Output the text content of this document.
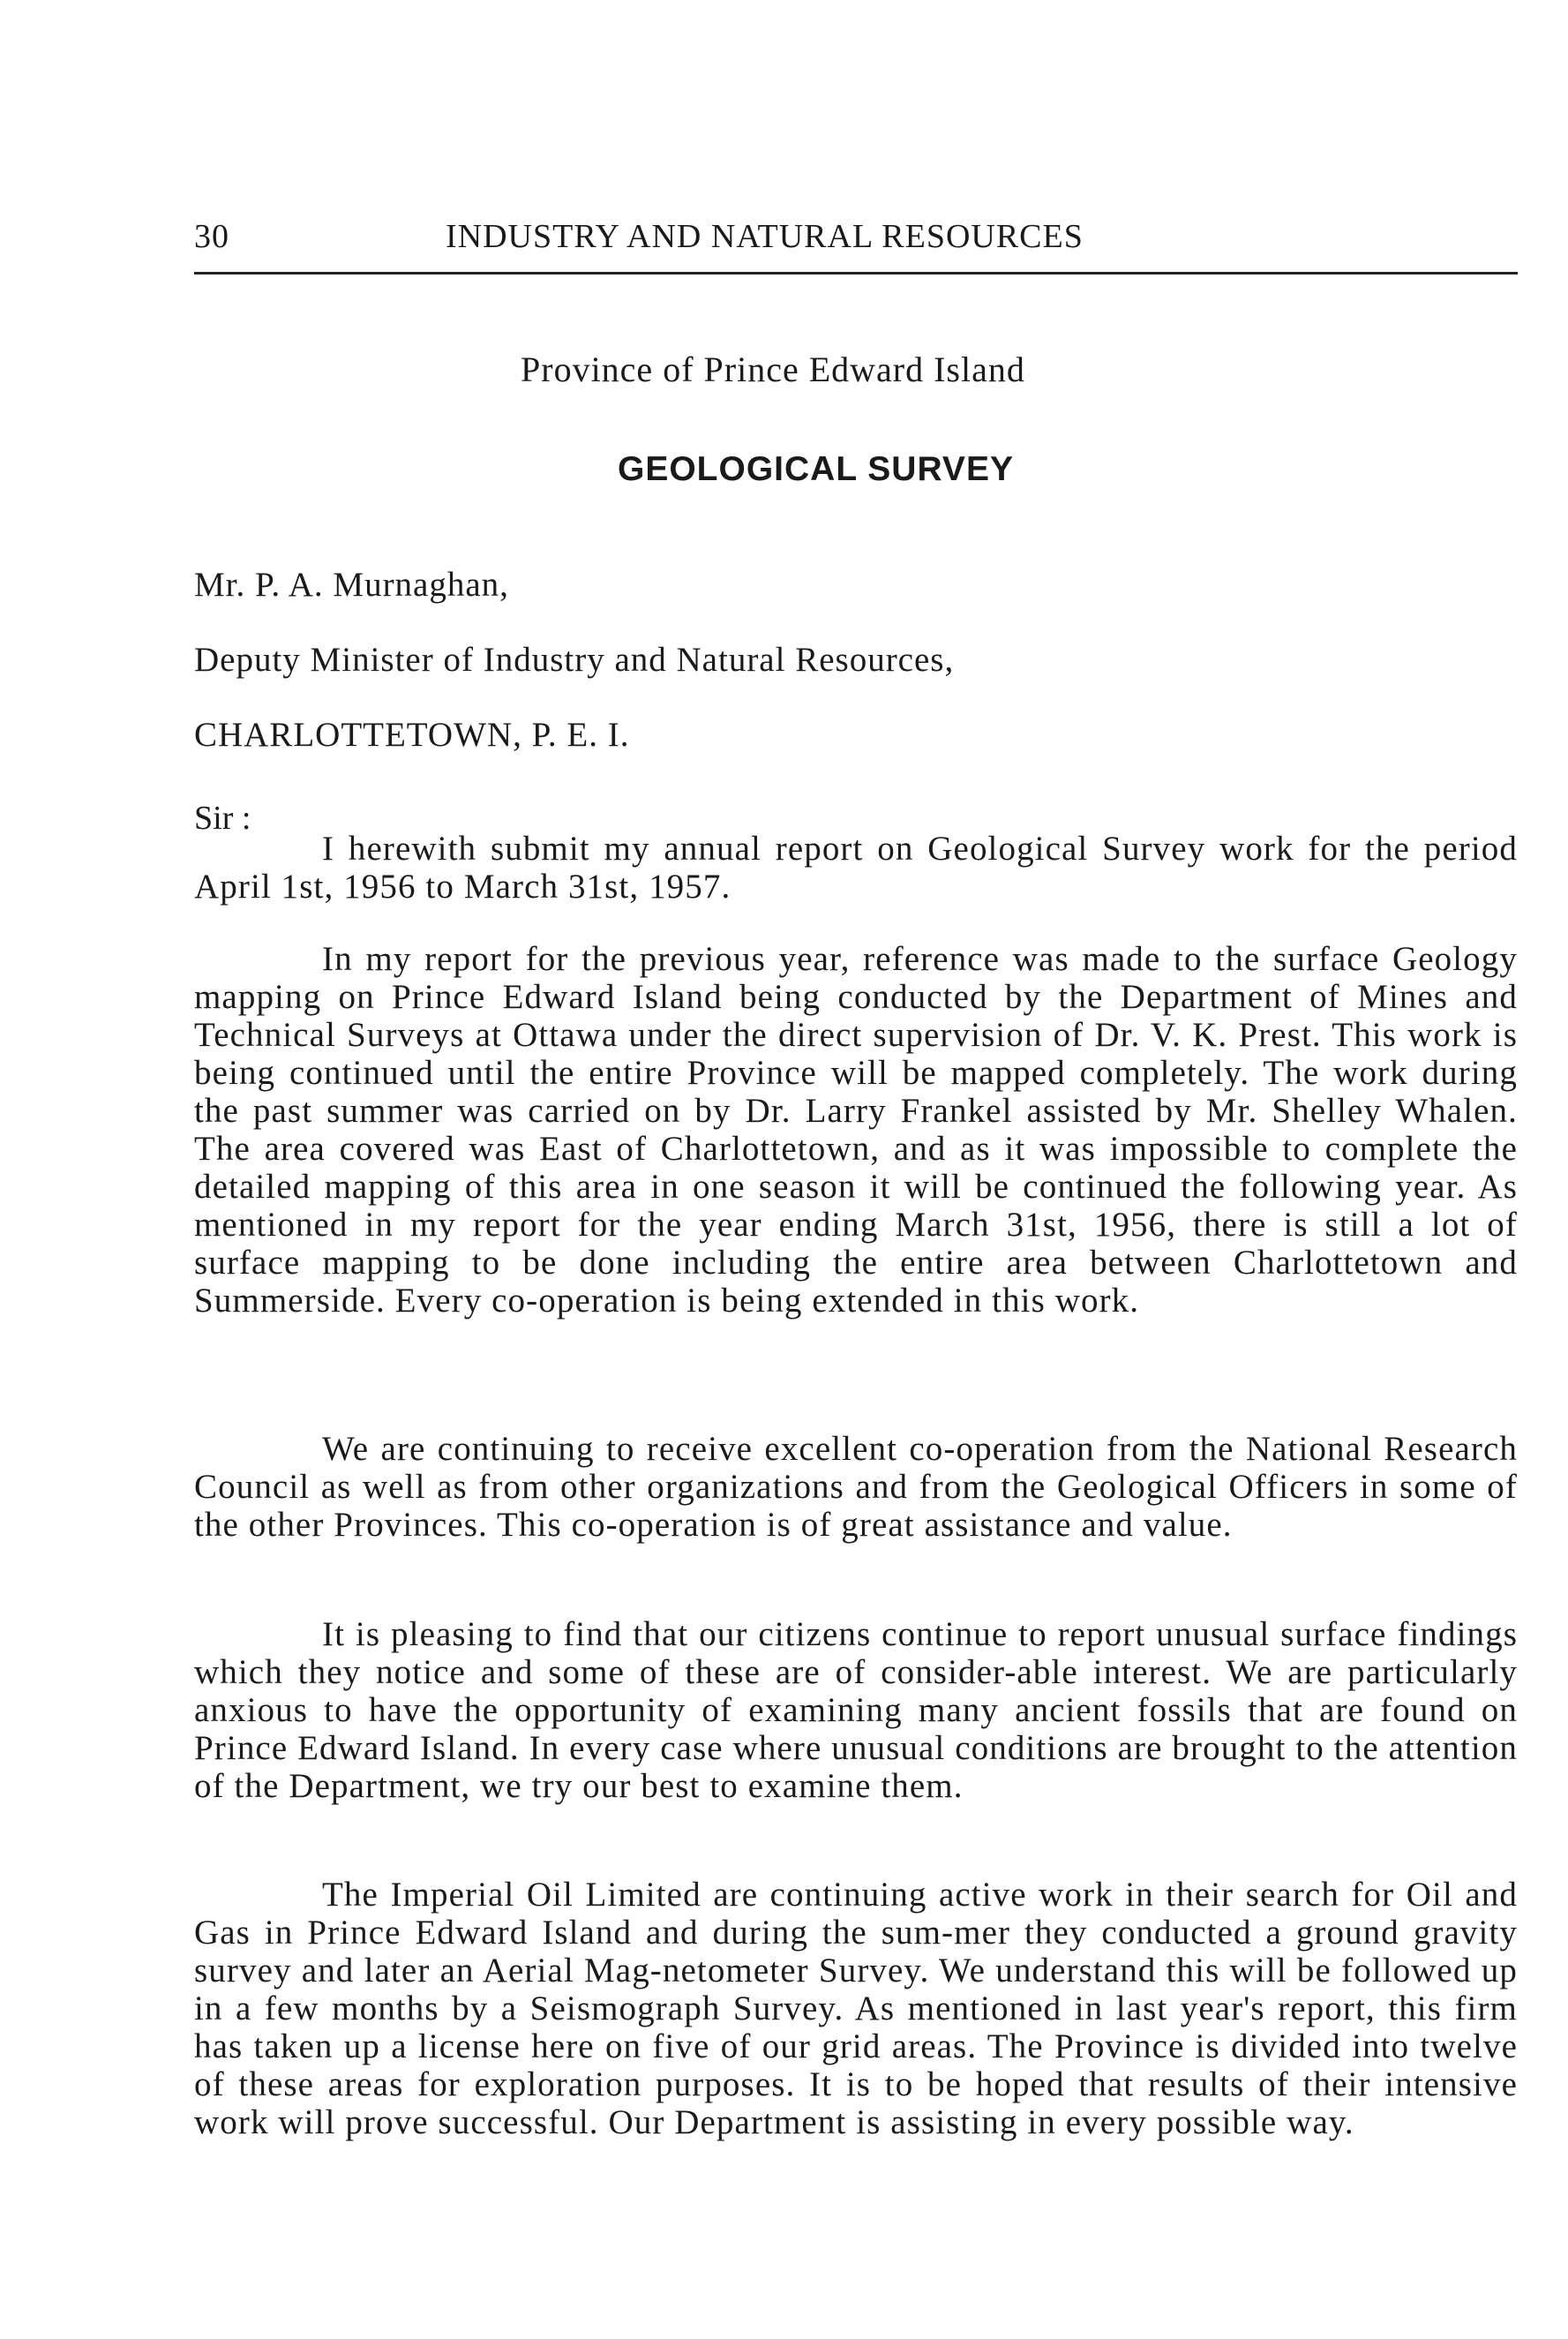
30	INDUSTRY AND NATURAL RESOURCES
Province of Prince Edward Island
GEOLOGICAL SURVEY
Mr. P. A. Murnaghan,
Deputy Minister of Industry and Natural Resources,
CHARLOTTETOWN, P. E. I.
Sir :

I herewith submit my annual report on Geological Survey work for the period April 1st, 1956 to March 31st, 1957.

In my report for the previous year, reference was made to the surface Geology mapping on Prince Edward Island being conducted by the Department of Mines and Technical Surveys at Ottawa under the direct supervision of Dr. V. K. Prest. This work is being continued until the entire Province will be mapped completely. The work during the past summer was carried on by Dr. Larry Frankel assisted by Mr. Shelley Whalen. The area covered was East of Charlottetown, and as it was impossible to complete the detailed mapping of this area in one season it will be continued the following year. As mentioned in my report for the year ending March 31st, 1956, there is still a lot of surface mapping to be done including the entire area between Charlottetown and Summerside. Every co-operation is being extended in this work.

We are continuing to receive excellent co-operation from the National Research Council as well as from other organizations and from the Geological Officers in some of the other Provinces. This co-operation is of great assistance and value.

It is pleasing to find that our citizens continue to report unusual surface findings which they notice and some of these are of consider-able interest. We are particularly anxious to have the opportunity of examining many ancient fossils that are found on Prince Edward Island. In every case where unusual conditions are brought to the attention of the Department, we try our best to examine them.

The Imperial Oil Limited are continuing active work in their search for Oil and Gas in Prince Edward Island and during the sum-mer they conducted a ground gravity survey and later an Aerial Mag-netometer Survey. We understand this will be followed up in a few months by a Seismograph Survey. As mentioned in last year's report, this firm has taken up a license here on five of our grid areas. The Province is divided into twelve of these areas for exploration purposes. It is to be hoped that results of their intensive work will prove successful. Our Department is assisting in every possible way.
